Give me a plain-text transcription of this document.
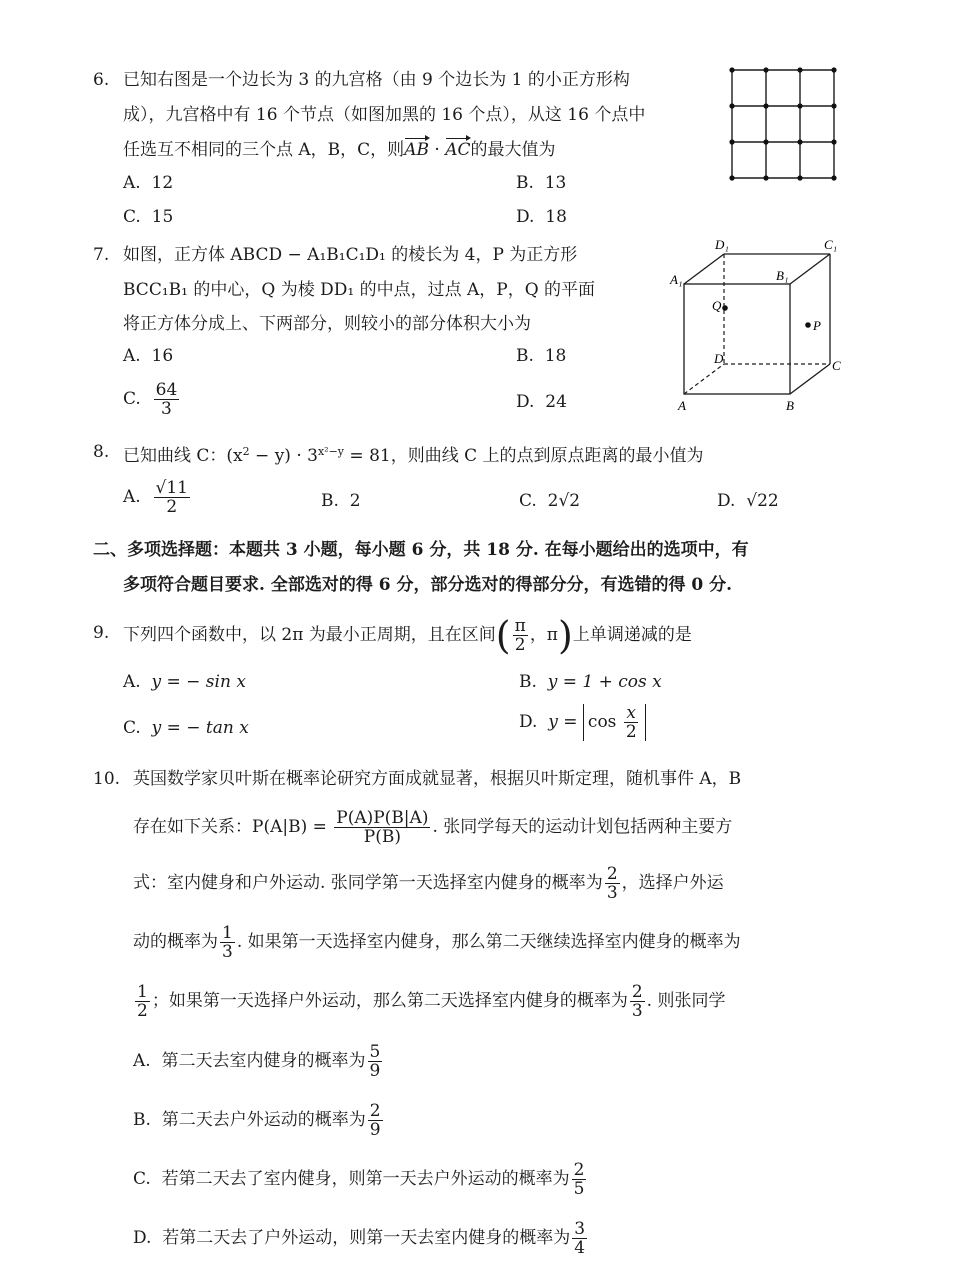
6. 已知右图是一个边长为 3 的九宫格（由 9 个边长为 1 的小正方形构
成），九宫格中有 16 个节点（如图加黑的 16 个点），从这 16 个点中
任选互不相同的三个点 A，B，C，则AB · AC的最大值为
A. 12	B. 13
C. 15	D. 18
7. 如图，正方体 ABCD − A₁B₁C₁D₁ 的棱长为 4，P 为正方形
BCC₁B₁ 的中心，Q 为棱 DD₁ 的中点，过点 A，P，Q 的平面
将正方体分成上、下两部分，则较小的部分体积大小为
A. 16	B. 18
C. $\frac{64}{3}$	D. 24
D₁	C₁
A₁	B₁
Q
P
D	C
A	B
8. 已知曲线 C：$(x^2 - y) \cdot 3^{x^2-y} = 81$，则曲线 C 上的点到原点距离的最小值为
A. $\frac{√11}{2}$	B. 2	C. 2√2	D. √22
二、多项选择题：本题共 3 小题，每小题 6 分，共 18 分. 在每小题给出的选项中，有
多项符合题目要求. 全部选对的得 6 分，部分选对的得部分分，有选错的得 0 分.
9. 下列四个函数中，以 2π 为最小正周期，且在区间( $\frac{\pi}{2}$ ，π)上单调递减的是
A. y = − sin x	B. y = 1 + cos x
C. y = − tan x	D. $y = \cos \frac{x}{2}$
10. 英国数学家贝叶斯在概率论研究方面成就显著，根据贝叶斯定理，随机事件 A，B
存在如下关系：$P(A|B) = \frac{P(A)P(B|A)}{P(B)}$ . 张同学每天的运动计划包括两种主要方
式：室内健身和户外运动. 张同学第一天选择室内健身的概率为 $\frac{2}{3}$ ，选择户外运
动的概率为 $\frac{1}{3}$ . 如果第一天选择室内健身，那么第二天继续选择室内健身的概率为
$\frac{1}{2}$ ；如果第一天选择户外运动，那么第二天选择室内健身的概率为 $\frac{2}{3}$ . 则张同学
A. 第二天去室内健身的概率为 $\frac{5}{9}$
B. 第二天去户外运动的概率为 $\frac{2}{9}$
C. 若第二天去了室内健身，则第一天去户外运动的概率为 $\frac{2}{5}$
D. 若第二天去了户外运动，则第一天去室内健身的概率为 $\frac{3}{4}$
